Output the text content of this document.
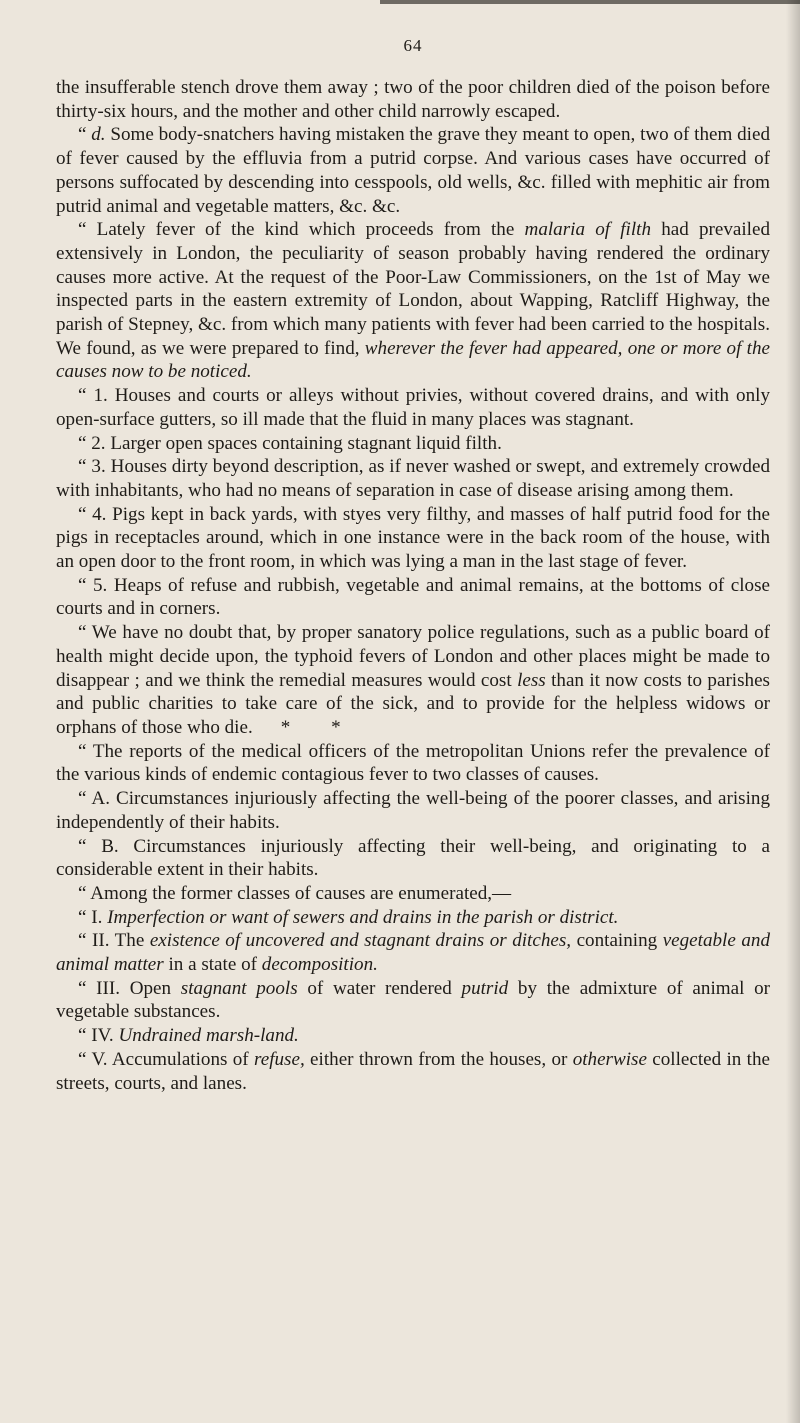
64

the insufferable stench drove them away ; two of the poor children died of the poison before thirty-six hours, and the mother and other child narrowly escaped.

“ d. Some body-snatchers having mistaken the grave they meant to open, two of them died of fever caused by the effluvia from a putrid corpse. And various cases have occurred of persons suffocated by descending into cesspools, old wells, &c. filled with mephitic air from putrid animal and vegetable matters, &c. &c.

“ Lately fever of the kind which proceeds from the malaria of filth had prevailed extensively in London, the peculiarity of season probably having rendered the ordinary causes more active. At the request of the Poor-Law Commissioners, on the 1st of May we inspected parts in the eastern extremity of London, about Wapping, Ratcliff Highway, the parish of Stepney, &c. from which many patients with fever had been carried to the hospitals. We found, as we were prepared to find, wherever the fever had appeared, one or more of the causes now to be noticed.

“ 1. Houses and courts or alleys without privies, without covered drains, and with only open-surface gutters, so ill made that the fluid in many places was stagnant.

“ 2. Larger open spaces containing stagnant liquid filth.

“ 3. Houses dirty beyond description, as if never washed or swept, and extremely crowded with inhabitants, who had no means of separation in case of disease arising among them.

“ 4. Pigs kept in back yards, with styes very filthy, and masses of half putrid food for the pigs in receptacles around, which in one instance were in the back room of the house, with an open door to the front room, in which was lying a man in the last stage of fever.

“ 5. Heaps of refuse and rubbish, vegetable and animal remains, at the bottoms of close courts and in corners.

“ We have no doubt that, by proper sanatory police regulations, such as a public board of health might decide upon, the typhoid fevers of London and other places might be made to disappear ; and we think the remedial measures would cost less than it now costs to parishes and public charities to take care of the sick, and to provide for the helpless widows or orphans of those who die. * *

“ The reports of the medical officers of the metropolitan Unions refer the prevalence of the various kinds of endemic contagious fever to two classes of causes.

“ A. Circumstances injuriously affecting the well-being of the poorer classes, and arising independently of their habits.

“ B. Circumstances injuriously affecting their well-being, and originating to a considerable extent in their habits.

“ Among the former classes of causes are enumerated,—

“ I. Imperfection or want of sewers and drains in the parish or district.

“ II. The existence of uncovered and stagnant drains or ditches, containing vegetable and animal matter in a state of decomposition.

“ III. Open stagnant pools of water rendered putrid by the admixture of animal or vegetable substances.

“ IV. Undrained marsh-land.

“ V. Accumulations of refuse, either thrown from the houses, or otherwise collected in the streets, courts, and lanes.
